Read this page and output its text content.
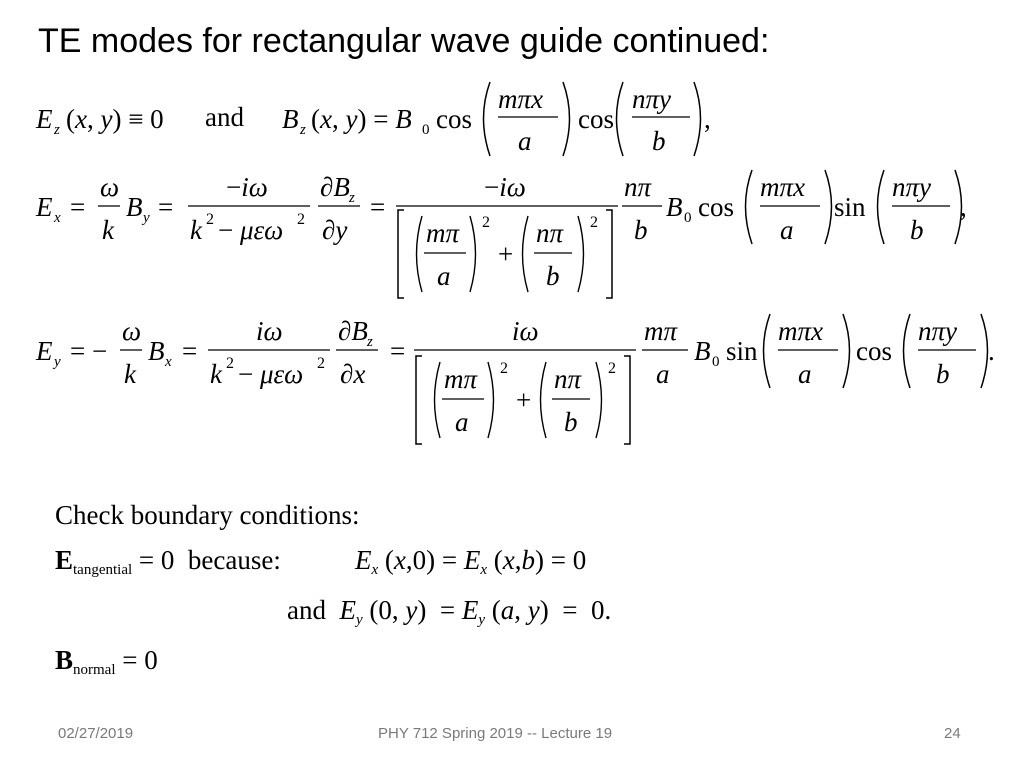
TE modes for rectangular wave guide continued:
E z (x, y) ≡ 0 and B z (x, y) = B 0 cos
mπx
a
cos
nπy
b
,
E x =
ω
k
B y =
−iω
k 2 − μεω 2
∂B z
∂y
=
−iω
mπ
a
2
+
nπ
b
2
nπ
b
B 0 cos
mπx
a
sin
nπy
b
,
E y = −
ω
k
B x =
iω
k 2 − μεω 2
∂B z
∂x
=
iω
mπ
a
2
+
nπ
b
2
mπ
a
B 0 sin
mπx
a
cos
nπy
b
.
Check boundary conditions:
$E_{tangential} = 0$ because:	$E_x$ $(x,0) = E_x$ (x,b) = 0
and $E_y$ (0, $y) = E_y$ (a, y)  =  0.
$B_{normal} = 0$
02/27/2019	PHY 712 Spring 2019 -- Lecture 19	24
